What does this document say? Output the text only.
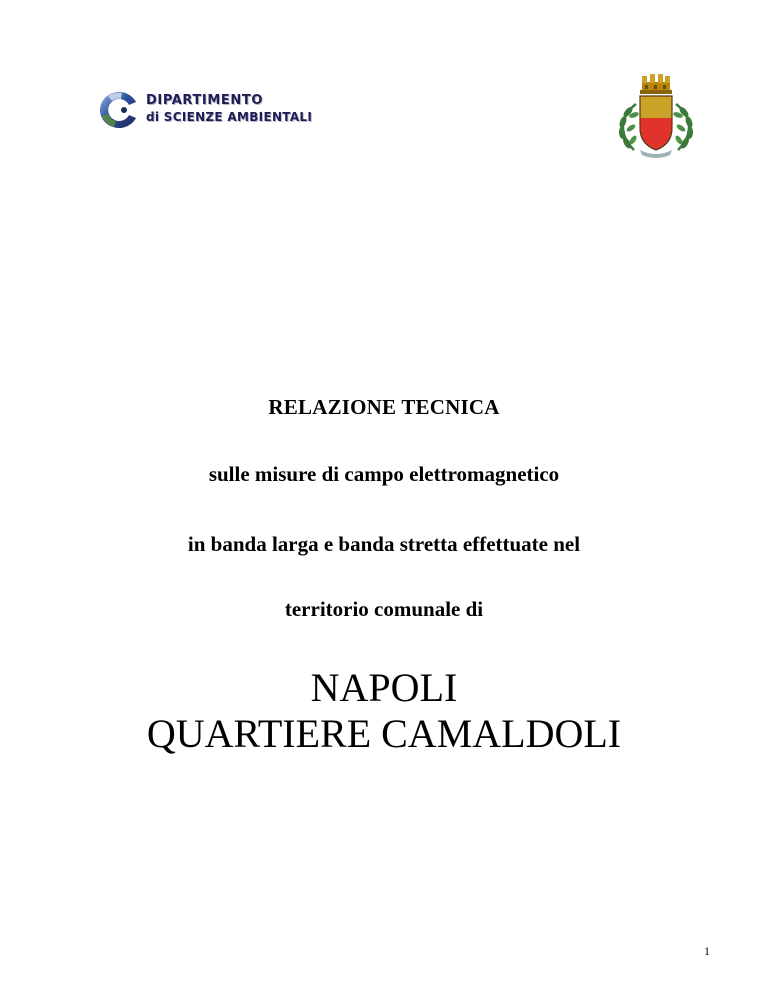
DIPARTIMENTO
di SCIENZE AMBIENTALI
RELAZIONE TECNICA
sulle misure di campo elettromagnetico
in banda larga e banda stretta effettuate nel
territorio comunale di
NAPOLI
QUARTIERE CAMALDOLI
1
